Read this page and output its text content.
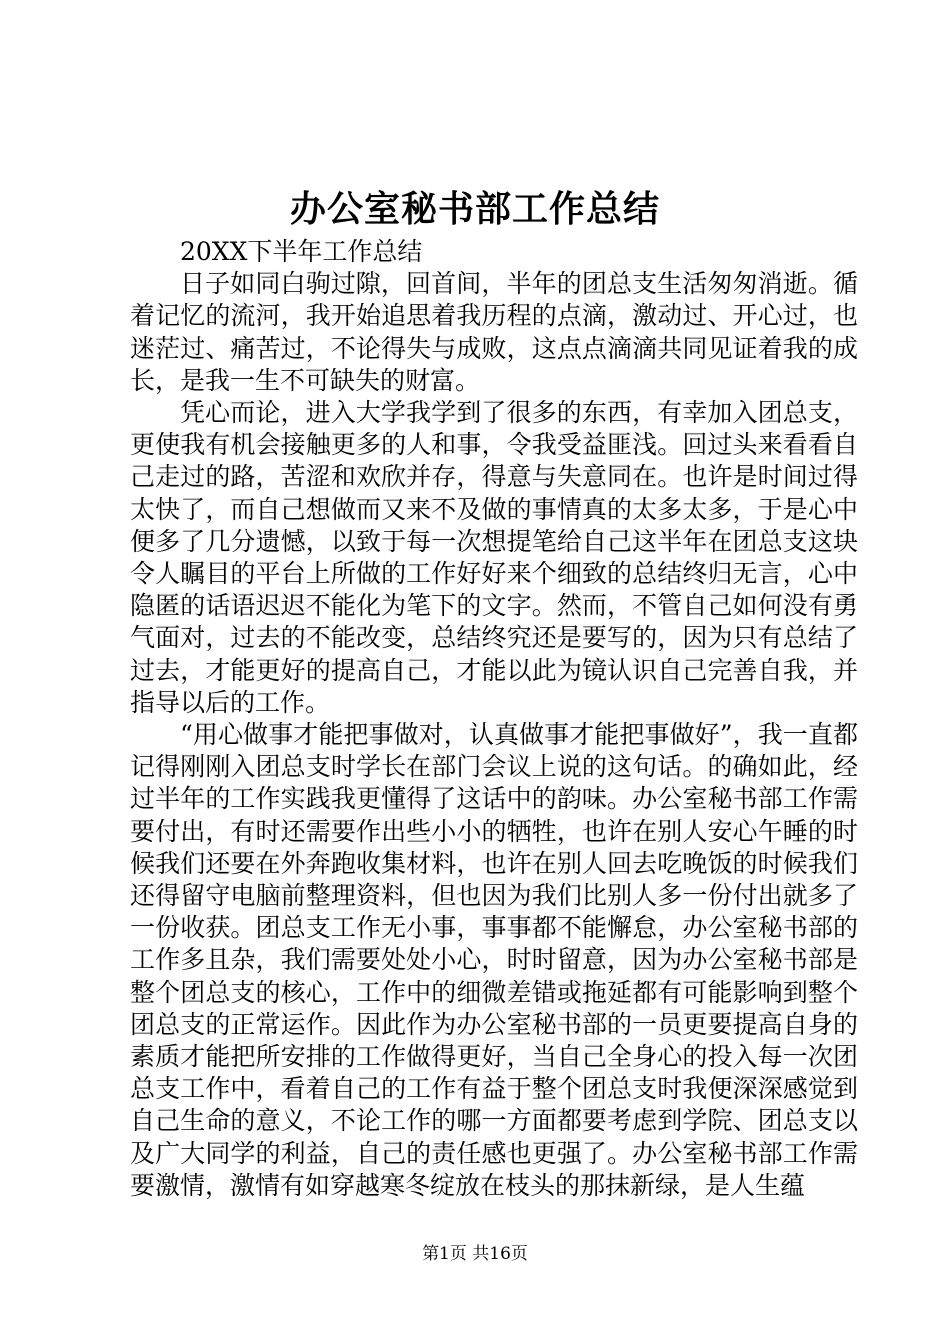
办公室秘书部工作总结

20XX下半年工作总结

日子如同白驹过隙，回首间，半年的团总支生活匆匆消逝。循着记忆的流河，我开始追思着我历程的点滴，激动过、开心过，也迷茫过、痛苦过，不论得失与成败，这点点滴滴共同见证着我的成长，是我一生不可缺失的财富。

凭心而论，进入大学我学到了很多的东西，有幸加入团总支，更使我有机会接触更多的人和事，令我受益匪浅。回过头来看看自己走过的路，苦涩和欢欣并存，得意与失意同在。也许是时间过得太快了，而自己想做而又来不及做的事情真的太多太多，于是心中便多了几分遗憾，以致于每一次想提笔给自己这半年在团总支这块令人瞩目的平台上所做的工作好好来个细致的总结终归无言，心中隐匿的话语迟迟不能化为笔下的文字。然而，不管自己如何没有勇气面对，过去的不能改变，总结终究还是要写的，因为只有总结了过去，才能更好的提高自己，才能以此为镜认识自己完善自我，并指导以后的工作。

“用心做事才能把事做对，认真做事才能把事做好”，我一直都记得刚刚入团总支时学长在部门会议上说的这句话。的确如此，经过半年的工作实践我更懂得了这话中的韵味。办公室秘书部工作需要付出，有时还需要作出些小小的牺牲，也许在别人安心午睡的时候我们还要在外奔跑收集材料，也许在别人回去吃晚饭的时候我们还得留守电脑前整理资料，但也因为我们比别人多一份付出就多了一份收获。团总支工作无小事，事事都不能懈怠，办公室秘书部的工作多且杂，我们需要处处小心，时时留意，因为办公室秘书部是整个团总支的核心，工作中的细微差错或拖延都有可能影响到整个团总支的正常运作。因此作为办公室秘书部的一员更要提高自身的素质才能把所安排的工作做得更好，当自己全身心的投入每一次团总支工作中，看着自己的工作有益于整个团总支时我便深深感觉到自己生命的意义，不论工作的哪一方面都要考虑到学院、团总支以及广大同学的利益，自己的责任感也更强了。办公室秘书部工作需要激情，激情有如穿越寒冬绽放在枝头的那抹新绿，是人生蕴

第1页 共16页
